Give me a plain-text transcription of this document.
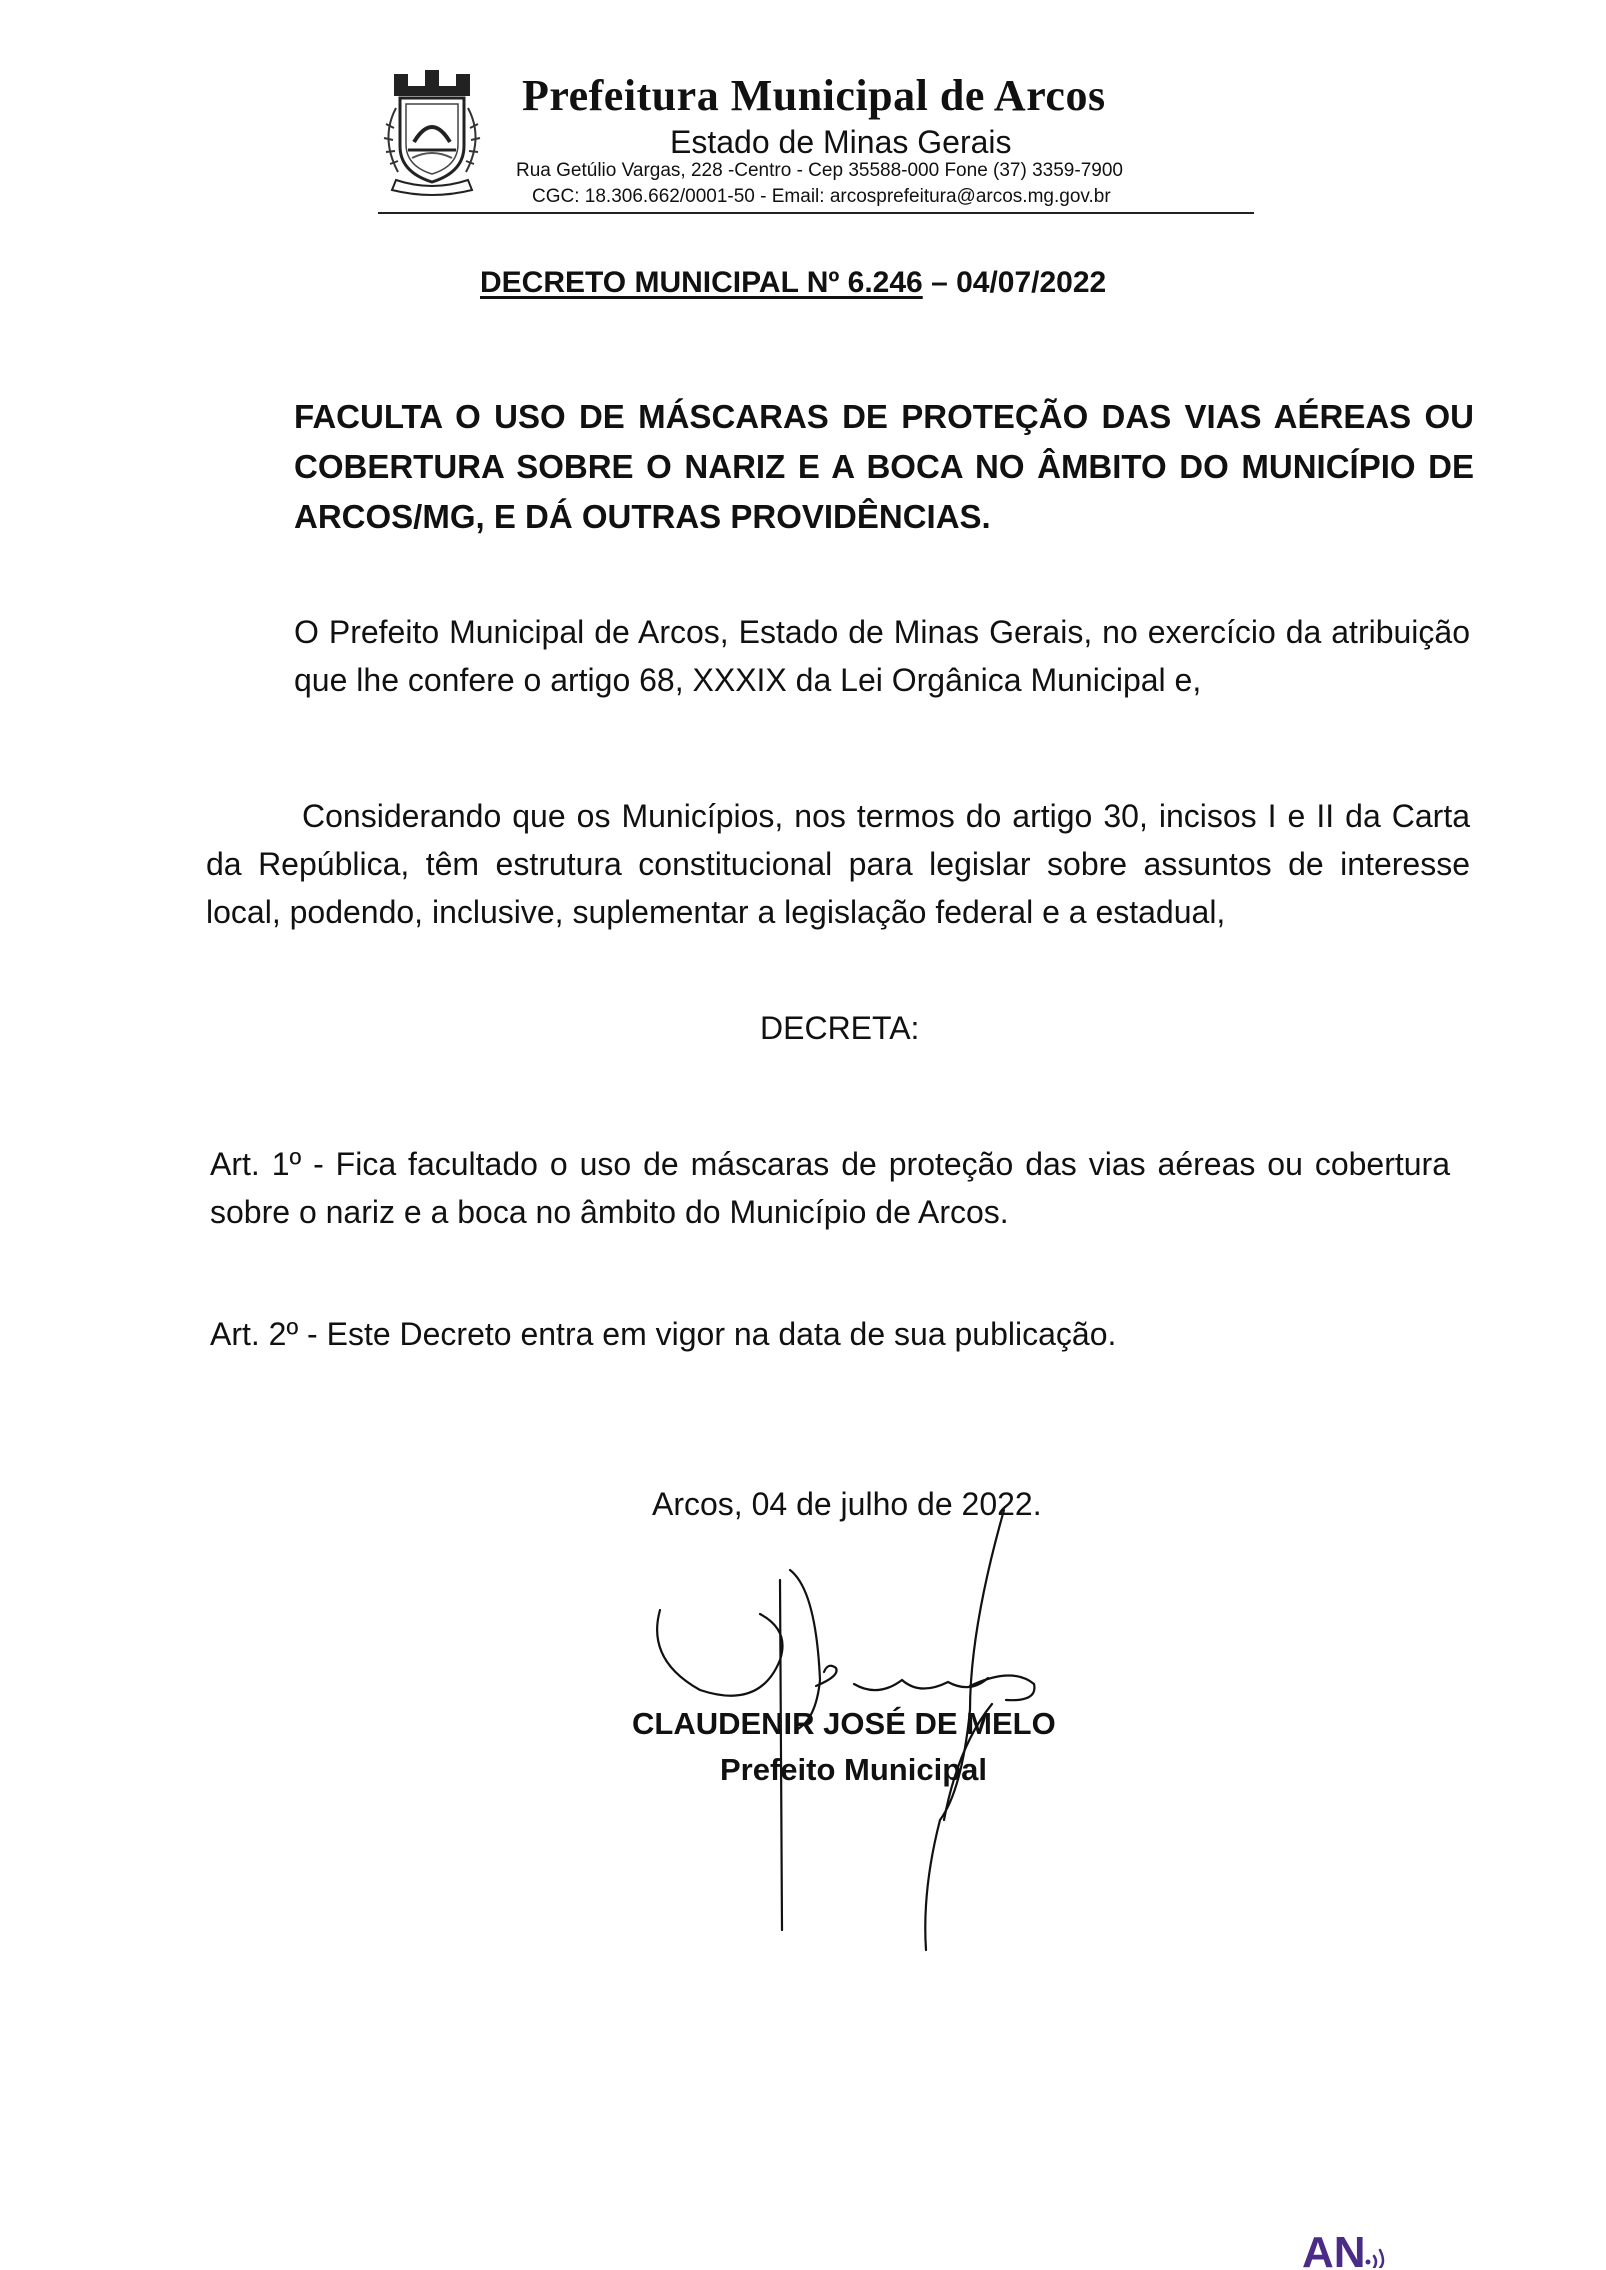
Prefeitura Municipal de Arcos
Estado de Minas Gerais
Rua Getúlio Vargas, 228 -Centro - Cep 35588-000 Fone (37) 3359-7900
CGC: 18.306.662/0001-50 - Email: arcosprefeitura@arcos.mg.gov.br
DECRETO MUNICIPAL Nº 6.246 – 04/07/2022
FACULTA O USO DE MÁSCARAS DE PROTEÇÃO DAS VIAS AÉREAS OU COBERTURA SOBRE O NARIZ E A BOCA NO ÂMBITO DO MUNICÍPIO DE ARCOS/MG, E DÁ OUTRAS PROVIDÊNCIAS.
O Prefeito Municipal de Arcos, Estado de Minas Gerais, no exercício da atribuição que lhe confere o artigo 68, XXXIX da Lei Orgânica Municipal e,
Considerando que os Municípios, nos termos do artigo 30, incisos I e II da Carta da República, têm estrutura constitucional para legislar sobre assuntos de interesse local, podendo, inclusive, suplementar a legislação federal e a estadual,
DECRETA:
Art. 1º - Fica facultado o uso de máscaras de proteção das vias aéreas ou cobertura sobre o nariz e a boca no âmbito do Município de Arcos.
Art. 2º - Este Decreto entra em vigor na data de sua publicação.
Arcos, 04 de julho de 2022.
CLAUDENIR JOSÉ DE MELO
Prefeito Municipal
AN
